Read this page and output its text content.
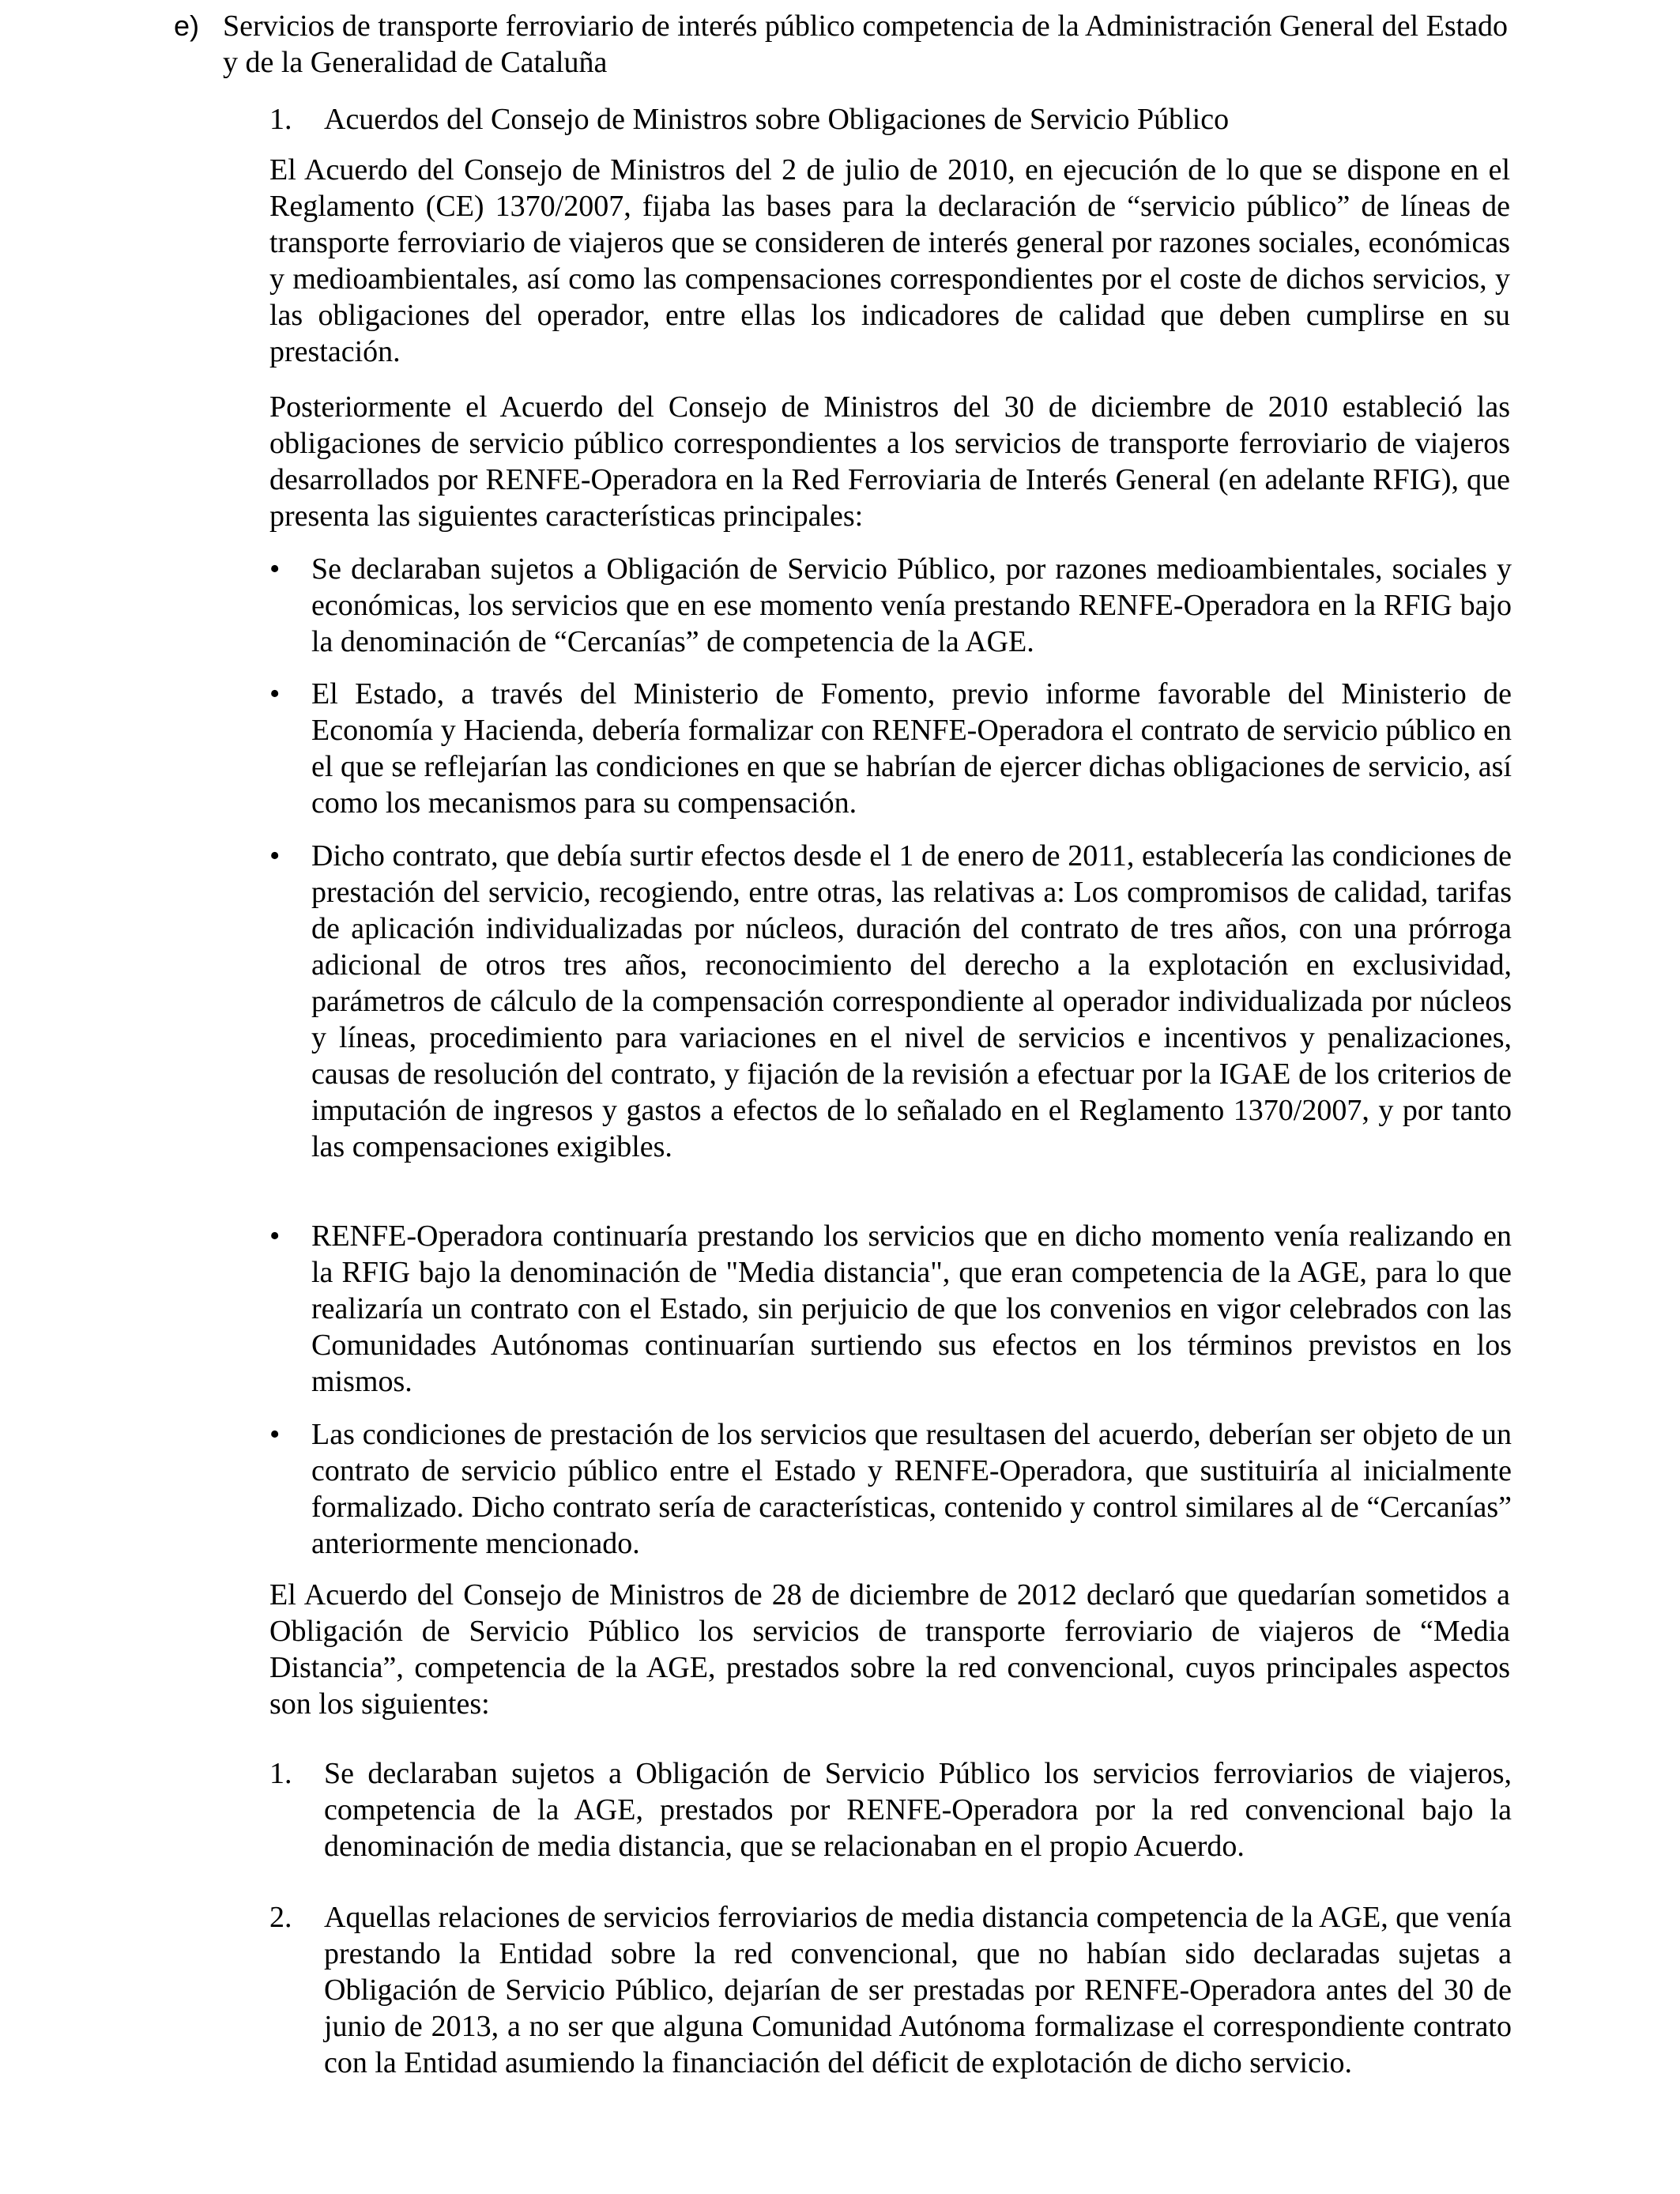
e) Servicios de transporte ferroviario de interés público competencia de la Administración General del Estado y de la Generalidad de Cataluña
1. Acuerdos del Consejo de Ministros sobre Obligaciones de Servicio Público
El Acuerdo del Consejo de Ministros del 2 de julio de 2010, en ejecución de lo que se dispone en el Reglamento (CE) 1370/2007, fijaba las bases para la declaración de “servicio público” de líneas de transporte ferroviario de viajeros que se consideren de interés general por razones sociales, económicas y medioambientales, así como las compensaciones correspondientes por el coste de dichos servicios, y las obligaciones del operador, entre ellas los indicadores de calidad que deben cumplirse en su prestación.
Posteriormente el Acuerdo del Consejo de Ministros del 30 de diciembre de 2010 estableció las obligaciones de servicio público correspondientes a los servicios de transporte ferroviario de viajeros desarrollados por RENFE-Operadora en la Red Ferroviaria de Interés General (en adelante RFIG), que presenta las siguientes características principales:
• Se declaraban sujetos a Obligación de Servicio Público, por razones medioambientales, sociales y económicas, los servicios que en ese momento venía prestando RENFE-Operadora en la RFIG bajo la denominación de “Cercanías” de competencia de la AGE.
• El Estado, a través del Ministerio de Fomento, previo informe favorable del Ministerio de Economía y Hacienda, debería formalizar con RENFE-Operadora el contrato de servicio público en el que se reflejarían las condiciones en que se habrían de ejercer dichas obligaciones de servicio, así como los mecanismos para su compensación.
• Dicho contrato, que debía surtir efectos desde el 1 de enero de 2011, establecería las condiciones de prestación del servicio, recogiendo, entre otras, las relativas a: Los compromisos de calidad, tarifas de aplicación individualizadas por núcleos, duración del contrato de tres años, con una prórroga adicional de otros tres años, reconocimiento del derecho a la explotación en exclusividad, parámetros de cálculo de la compensación correspondiente al operador individualizada por núcleos y líneas, procedimiento para variaciones en el nivel de servicios e incentivos y penalizaciones, causas de resolución del contrato, y fijación de la revisión a efectuar por la IGAE de los criterios de imputación de ingresos y gastos a efectos de lo señalado en el Reglamento 1370/2007, y por tanto las compensaciones exigibles.
• RENFE-Operadora continuaría prestando los servicios que en dicho momento venía realizando en la RFIG bajo la denominación de "Media distancia", que eran competencia de la AGE, para lo que realizaría un contrato con el Estado, sin perjuicio de que los convenios en vigor celebrados con las Comunidades Autónomas continuarían surtiendo sus efectos en los términos previstos en los mismos.
• Las condiciones de prestación de los servicios que resultasen del acuerdo, deberían ser objeto de un contrato de servicio público entre el Estado y RENFE-Operadora, que sustituiría al inicialmente formalizado. Dicho contrato sería de características, contenido y control similares al de “Cercanías” anteriormente mencionado.
El Acuerdo del Consejo de Ministros de 28 de diciembre de 2012 declaró que quedarían sometidos a Obligación de Servicio Público los servicios de transporte ferroviario de viajeros de “Media Distancia”, competencia de la AGE, prestados sobre la red convencional, cuyos principales aspectos son los siguientes:
1. Se declaraban sujetos a Obligación de Servicio Público los servicios ferroviarios de viajeros, competencia de la AGE, prestados por RENFE-Operadora por la red convencional bajo la denominación de media distancia, que se relacionaban en el propio Acuerdo.
2. Aquellas relaciones de servicios ferroviarios de media distancia competencia de la AGE, que venía prestando la Entidad sobre la red convencional, que no habían sido declaradas sujetas a Obligación de Servicio Público, dejarían de ser prestadas por RENFE-Operadora antes del 30 de junio de 2013, a no ser que alguna Comunidad Autónoma formalizase el correspondiente contrato con la Entidad asumiendo la financiación del déficit de explotación de dicho servicio.
